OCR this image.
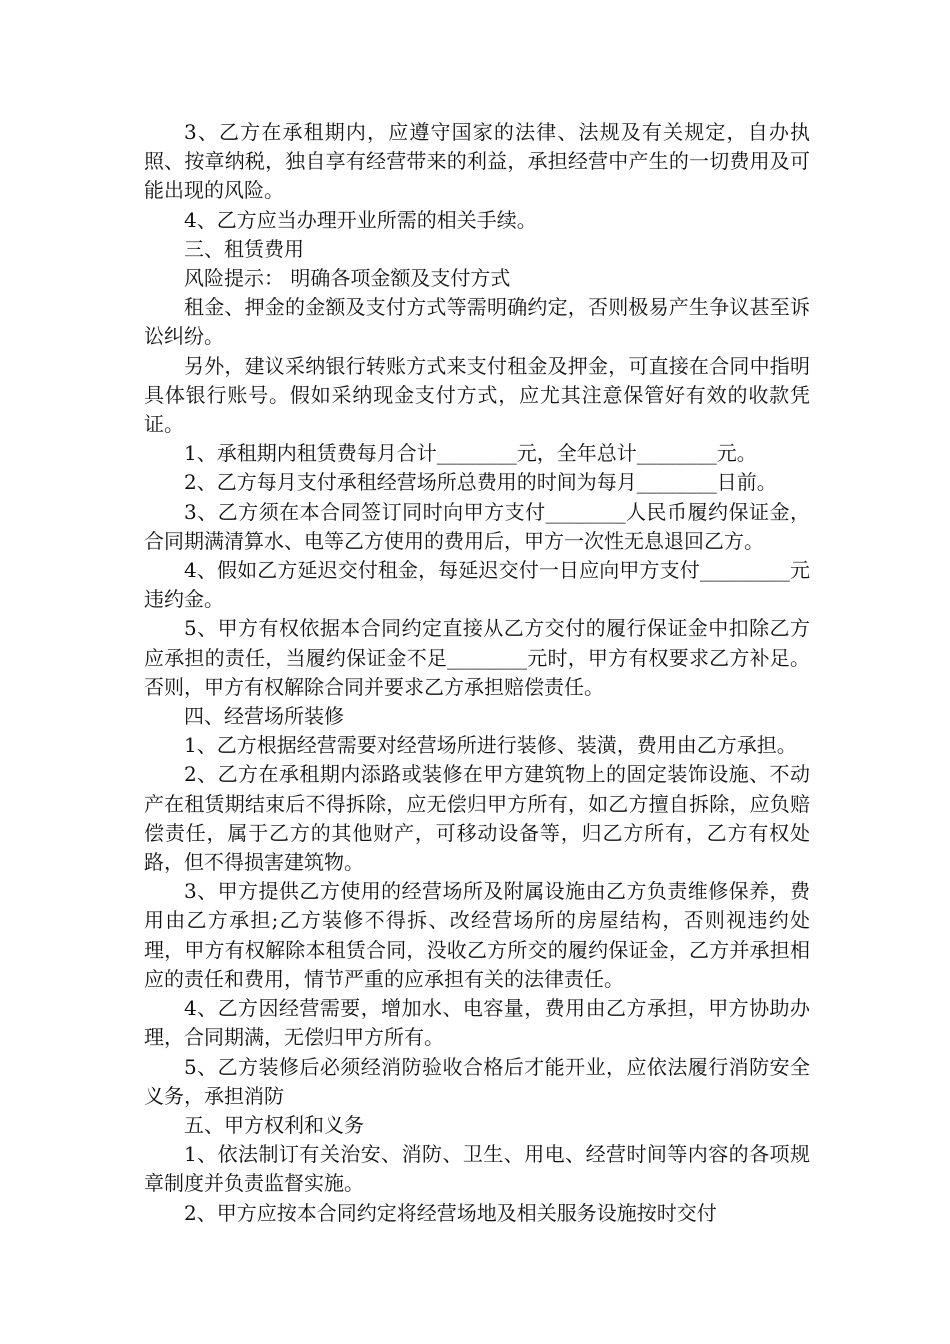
3、乙方在承租期内，应遵守国家的法律、法规及有关规定，自办执照、按章纳税，独自享有经营带来的利益，承担经营中产生的一切费用及可能出现的风险。

4、乙方应当办理开业所需的相关手续。

三、租赁费用

风险提示： 明确各项金额及支付方式

租金、押金的金额及支付方式等需明确约定，否则极易产生争议甚至诉讼纠纷。

另外，建议采纳银行转账方式来支付租金及押金，可直接在合同中指明具体银行账号。假如采纳现金支付方式，应尤其注意保管好有效的收款凭证。

1、承租期内租赁费每月合计________元，全年总计________元。

2、乙方每月支付承租经营场所总费用的时间为每月________日前。

3、乙方须在本合同签订同时向甲方支付________人民币履约保证金，合同期满清算水、电等乙方使用的费用后，甲方一次性无息退回乙方。

4、假如乙方延迟交付租金，每延迟交付一日应向甲方支付_________元违约金。

5、甲方有权依据本合同约定直接从乙方交付的履行保证金中扣除乙方应承担的责任，当履约保证金不足________元时，甲方有权要求乙方补足。否则，甲方有权解除合同并要求乙方承担赔偿责任。

四、经营场所装修

1、乙方根据经营需要对经营场所进行装修、装潢，费用由乙方承担。

2、乙方在承租期内添路或装修在甲方建筑物上的固定装饰设施、不动产在租赁期结束后不得拆除，应无偿归甲方所有，如乙方擅自拆除，应负赔偿责任，属于乙方的其他财产，可移动设备等，归乙方所有，乙方有权处路，但不得损害建筑物。

3、甲方提供乙方使用的经营场所及附属设施由乙方负责维修保养，费用由乙方承担;乙方装修不得拆、改经营场所的房屋结构，否则视违约处理，甲方有权解除本租赁合同，没收乙方所交的履约保证金，乙方并承担相应的责任和费用，情节严重的应承担有关的法律责任。

4、乙方因经营需要，增加水、电容量，费用由乙方承担，甲方协助办理，合同期满，无偿归甲方所有。

5、乙方装修后必须经消防验收合格后才能开业，应依法履行消防安全义务，承担消防

五、甲方权利和义务

1、依法制订有关治安、消防、卫生、用电、经营时间等内容的各项规章制度并负责监督实施。

2、甲方应按本合同约定将经营场地及相关服务设施按时交付
